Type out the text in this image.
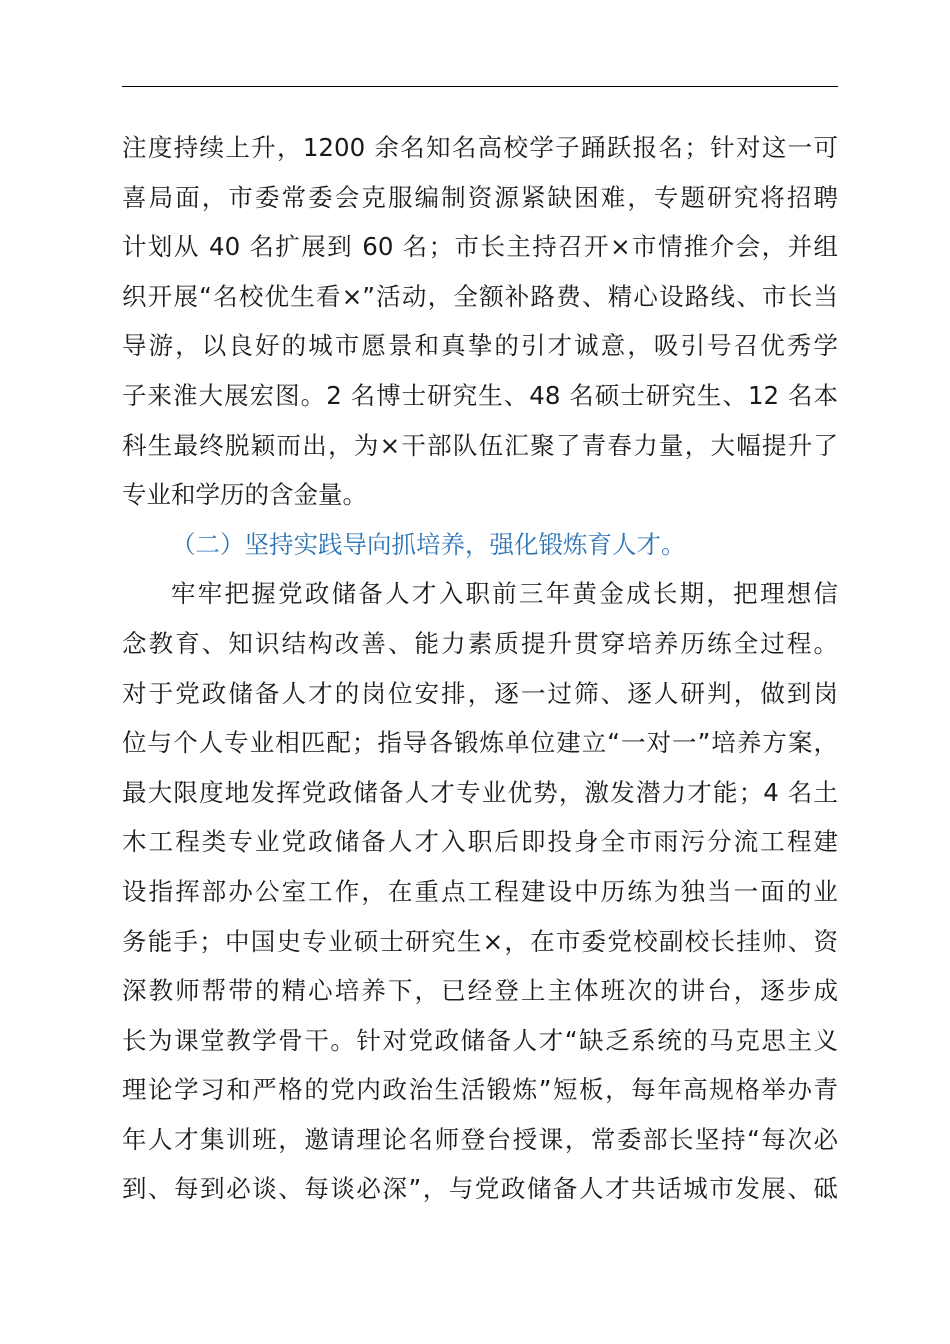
注度持续上升，1200 余名知名高校学子踊跃报名；针对这一可
喜局面，市委常委会克服编制资源紧缺困难，专题研究将招聘
计划从 40 名扩展到 60 名；市长主持召开×市情推介会，并组
织开展“名校优生看×”活动，全额补路费、精心设路线、市长当
导游，以良好的城市愿景和真挚的引才诚意，吸引号召优秀学
子来淮大展宏图。2 名博士研究生、48 名硕士研究生、12 名本
科生最终脱颖而出，为×干部队伍汇聚了青春力量，大幅提升了
专业和学历的含金量。
（二）坚持实践导向抓培养，强化锻炼育人才。
牢牢把握党政储备人才入职前三年黄金成长期，把理想信
念教育、知识结构改善、能力素质提升贯穿培养历练全过程。
对于党政储备人才的岗位安排，逐一过筛、逐人研判，做到岗
位与个人专业相匹配；指导各锻炼单位建立“一对一”培养方案，
最大限度地发挥党政储备人才专业优势，激发潜力才能；4 名土
木工程类专业党政储备人才入职后即投身全市雨污分流工程建
设指挥部办公室工作，在重点工程建设中历练为独当一面的业
务能手；中国史专业硕士研究生×，在市委党校副校长挂帅、资
深教师帮带的精心培养下，已经登上主体班次的讲台，逐步成
长为课堂教学骨干。针对党政储备人才“缺乏系统的马克思主义
理论学习和严格的党内政治生活锻炼”短板，每年高规格举办青
年人才集训班，邀请理论名师登台授课，常委部长坚持“每次必
到、每到必谈、每谈必深”，与党政储备人才共话城市发展、砥
